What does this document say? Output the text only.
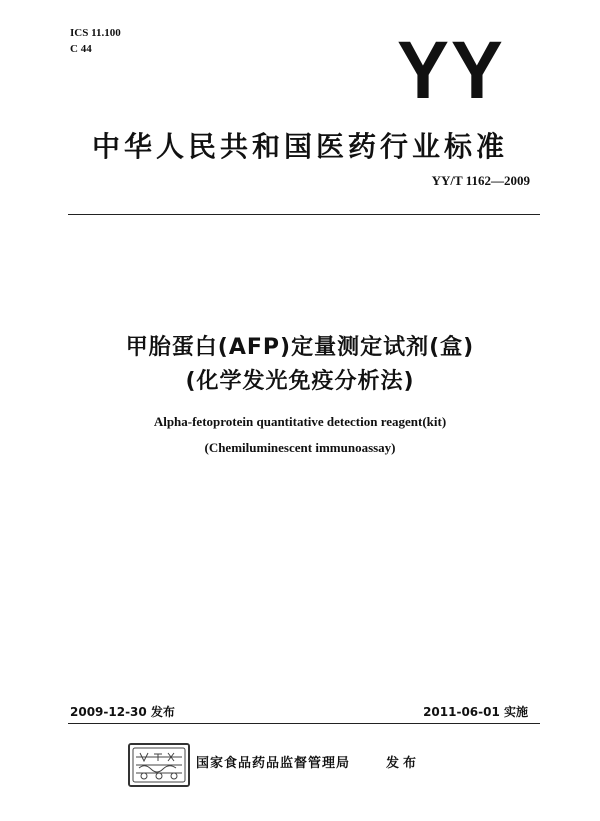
ICS 11.100
C 44	YY
中华人民共和国医药行业标准
YY/T 1162—2009
甲胎蛋白(AFP)定量测定试剂(盒)
(化学发光免疫分析法)
Alpha-fetoprotein quantitative detection reagent(kit)
(Chemiluminescent immunoassay)
2009-12-30 发布	2011-06-01 实施
国家食品药品监督管理局	发布
